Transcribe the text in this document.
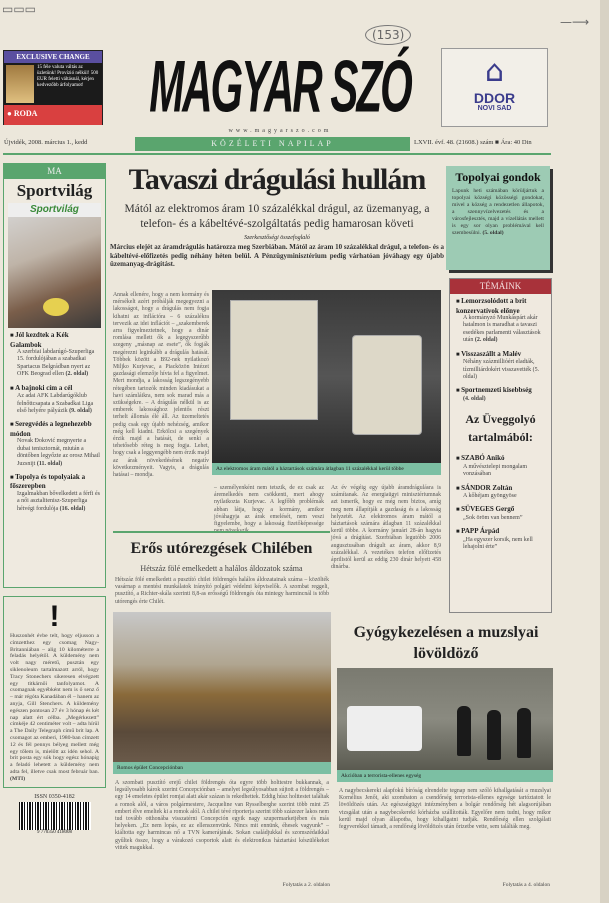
▭▭▭
(153)
—⟶
EXCLUSIVE CHANGE
15 féle valuta váltás az üzletünk! Provízió nélkül! 500 EUR feletti váltásnál, kérjen kedvezőbb árfolyamot!
● RODA	MAGYAR SZÓ
www.magyarszo.com
⌂
DDOR
NOVI SAD
Újvidék, 2008. március 1., kedd	KÖZÉLETI NAPILAP	LXVII. évf. 48. (21608.) szám ■ Ára: 40 Din
MA
Sportvilág
Sportvilág
■ Jól kezdtek a Kék Galambok
A szerbiai labdarúgó-Szuperliga 15. fordulójában a szabadkai Spartacus Belgrádban nyert az OFK Beograd ellen (2. oldal)
■ A bajnoki cím a cél
Az adai AFK Labdarúgóklub felnőttcsapata a Szabadkai Liga első helyére pályázik (9. oldal)
■ Seregvédés a legnehezebb módon
Novak Đoković megnyerte a dubai tenisztornát, miután a döntőben legyőzte az orosz Mihail Juzsnijt (11. oldal)
■ Topolya és topolyaiak a főszerepben
Izgalmakban bővelkedett a férfi és a női asztalitenisz-Szuperliga hétvégi fordulója (16. oldal)
!
Huszonhét évbe telt, hogy eljusson a címzetthez egy csomag Nagy-Britanniában – alig 10 kilométerre a feladás helyétől. A küldemény nem volt nagy méretű, pusztán egy siklenoleum tartalmazott arról, hogy Tracy Stonechers sikeresen elvégzett egy titkárnői tanfolyamot. A csomagnak egyébként nem is ő senz ő – már régóta Kanadában él – hanem az anyja, Gill Stenchers. A küldemény egészen pontosan 27 év 3 hónap és két nap alatt ért célba. „Megérkezett” címkéje 42 centiméter volt – adta hírül a The Daily Telegraph című brit lap. A csomagot az emberi, 1980-ban címzett 12 és fél pennys bélyeg mellett még egy tőlem is, mielőtt az idén sehol. A brit posta egy sók hogy egész hónapig a feladó lehetett a küldemény nem adta fel, illetve csak most február ban. (MTI)
ISSN 0350-4182
9 770350 418008
Tavaszi drágulási hullám
Mától az elektromos áram 10 százalékkal drágul, az üzemanyag, a telefon- és a kábeltévé-szolgáltatás pedig hamarosan követi
Szerkesztőségi összefoglaló
Március elejét az áramdrágulás határozza meg Szerbiában. Mától az áram 10 százalékkal drágul, a telefon- és a kábeltévé-előfizetés pedig néhány héten belül. A Pénzügyminisztérium pedig várhatóan jóváhagy egy újabb üzemanyag-drágítást.
Annak ellenére, hogy a nem kormány és mérsékelt azért próbálják megegyezni a lakosságot, hogy a drágulás nem fogja kihatni az inflációra – 6 százalékra tervezik az idei inflációt – „szakemberek arra figyelmeztetnek, hogy a dinár romlása mellett ők a legegyszerűbb szegeny „másnap az esete”, ők fogják megérezni leginkább a drágulás hatását. Többek között a B92-nek nyilatkozó Miljko Kurjevac, a Piacközön Intézet gazdasági elemzője hívta fel a figyelmet. Mert mondja, a lakosság legszegényebb rétegében tartozók minden kiadásukat a havi számláikra, nem sok marad más a szükségekre. – A drágulás nélkül is az emberek lakossághoz jelentős részt terhelt állomás élé áll. Az üzemeltetés pedig csak egy újabb nehézség, amikor még kell kiadni. Erkölcsi a szegények érzik majd a hatását, de senki a tehetősebb réteg is meg fogja. Lehet, hogy csak a leggyengébb nem érzik majd az árak növekedésének negatív következményeit. Vagyis, a drágulás hatásai – mondja.
Az elektromos áram mától a háztartások számára átlagban 11 százalékkal kerül többe
– személyenként nem tetszik, de ez csak az áremelkedés nem csökkenti, mert ahogy nyilatkozta Kurjevac. A legfőbb problémák abban látja, hogy a kormány, amikor jóváhagyja az árak emelését, nem veszi figyelembe, hogy a lakosság fizetőképessége
Az év végéig egy újabb áramdrágulásra is számítanak. Az energiaügyi minisztériumnak azt ismerik, hogy ez még nem biztos, amíg meg nem állapítják a gazdaság és a lakosság helyzetét. Az elektromos áram mától a háztartások számára átlagban 11 százalékkal kerül többe. A kormány januári 28-án hagyta jóvá a drágítást. Szerbiában legutóbb 2006 augusztusában drágult az áram, akkor 8,9 százalékkal. A vezetékes telefon előfizetés áprilistól kerül az eddig 230 dinár helyett 458 dinárba.
Erős utórezgések Chilében
Hétszáz fölé emelkedett a halálos áldozatok száma
Hétszáz fölé emelkedett a pusztító chilei földrengés halálos áldozatainak száma – közölték vasárnap a mentési munkálatok irányító polgári védelmi képviselők. A szombat reggeli, pusztító, a Richter-skála szerinti 8,8-as erősségű földrengés óta mintegy harmincnál is több utórengés érte Chilét.
Romos épület Concepciónban
A szombati pusztító erejű chilei földrengés óta egyre több holttestre bukkannak, a legsúlyosabb károk szerint Concepciónban – amelyet legsúlyosabban sújtott a földrengés – egy 14 emeletes épület romjai alatt akár százan is rekedhettek. Eddig húsz holttestet találtak a romok alól, a város polgármestere, Jacqueline van Rysselberghe szerint több mint 25 embert élve emeltek ki a romok alól. A chilei tévé riporterja szerint több százezer lakos nem tud tovább otthonába visszatérni Concepción egyik nagy szupermarketjében és más helyeken. „Ez nem lopás, ez az ellenszenvünk. Nincs mit ennünk, éhesek vagyunk” – kiáltotta egy harmincas nő a TVN kamerájának. Sokan családjukkal és szomszédaikkal gyűltek össze, hogy a várakozó csoportok alatt és elektronikus háztartási készülékeket vittek magukkal.
Folytatás a 2. oldalon
Topolyai gondok
Lapunk heti számában körüljártuk a topolyai községi közösségi gondokat, mivel a község a rendezetlen állapotok, a szennyvízelvezetés és a városfejlesztés, majd a vízellátás mellett is egy sor olyan problémával kell szembesülni. (5. oldal)
TÉMÁINK
■ Lemorzsolódott a brit konzervatívok előnye
A kormányzó Munkáspárt akár hatalmon is maradhat a tavaszi esedékes parlamenti választások után (2. oldal)
■ Visszaszállt a Malév
Néhány százmillióért eladták, tízmilliárdokért visszavették (5. oldal)
■ Sportnemzeti kisebbség
(4. oldal)
Az Üveggolyó tartalmából:
■ SZABÓ Anikó
A művésztelepi mongalam vonzásában
■ SÁNDOR Zoltán
A kőhéjam gyöngyöse
■ SÜVEGES Gergő
„Sok öröm van bennem”
■ PAPP Árpád
„Ha egyszer korsik, nem kell lehajolni érte”
Gyógykezelésen a muzslyai lövöldöző
Akcióban a terrorista-ellenes egység
A nagybecskereki alapfokú bíróság elrendelte tegnap nem szóló kihallgatását a muzslyai Kornélius Jenőt, aki szombaton a csendőrség terrorista-ellenes egysége tartóztatott le lövöldözés után. Az egészségügyi intézményben a bolgár rendőrség hét alagsorújában vizsgálat után a nagybecskereki kórházba szállították. Egyelőre nem tudni, hogy mikor kerül majd olyan állapotba, hogy kihallgatni tudják. Rendőrség ellen szolgálati fegyverekkel támadt, a rendőrség lövöldözés után őrizetbe vette, sem találták meg.
Folytatás a 4. oldalon
